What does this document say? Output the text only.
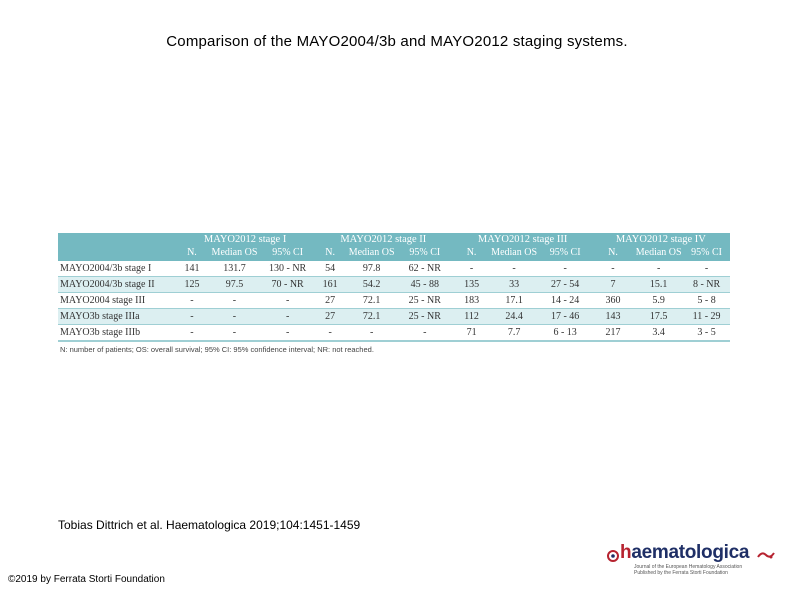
Comparison of the MAYO2004/3b and MAYO2012 staging systems.
	MAYO2012 stage I			MAYO2012 stage II			MAYO2012 stage III			MAYO2012 stage IV		
	N.	Median OS	95% CI	N.	Median OS	95% CI	N.	Median OS	95% CI	N.	Median OS	95% CI
MAYO2004/3b stage I	141	131.7	130 - NR	54	97.8	62 - NR	-	-	-	-	-	-
MAYO2004/3b stage II	125	97.5	70 - NR	161	54.2	45 - 88	135	33	27 - 54	7	15.1	8 - NR
MAYO2004 stage III	-	-	-	27	72.1	25 - NR	183	17.1	14 - 24	360	5.9	5 - 8
MAYO3b stage IIIa	-	-	-	27	72.1	25 - NR	112	24.4	17 - 46	143	17.5	11 - 29
MAYO3b stage IIIb	-	-	-	-	-	-	71	7.7	6 - 13	217	3.4	3 - 5
N: number of patients; OS: overall survival; 95% CI: 95% confidence interval; NR: not reached.
Tobias Dittrich et al. Haematologica 2019;104:1451-1459
©2019 by Ferrata Storti Foundation
haematologica
Journal of the European Hematology Association
Published by the Ferrata Storti Foundation
